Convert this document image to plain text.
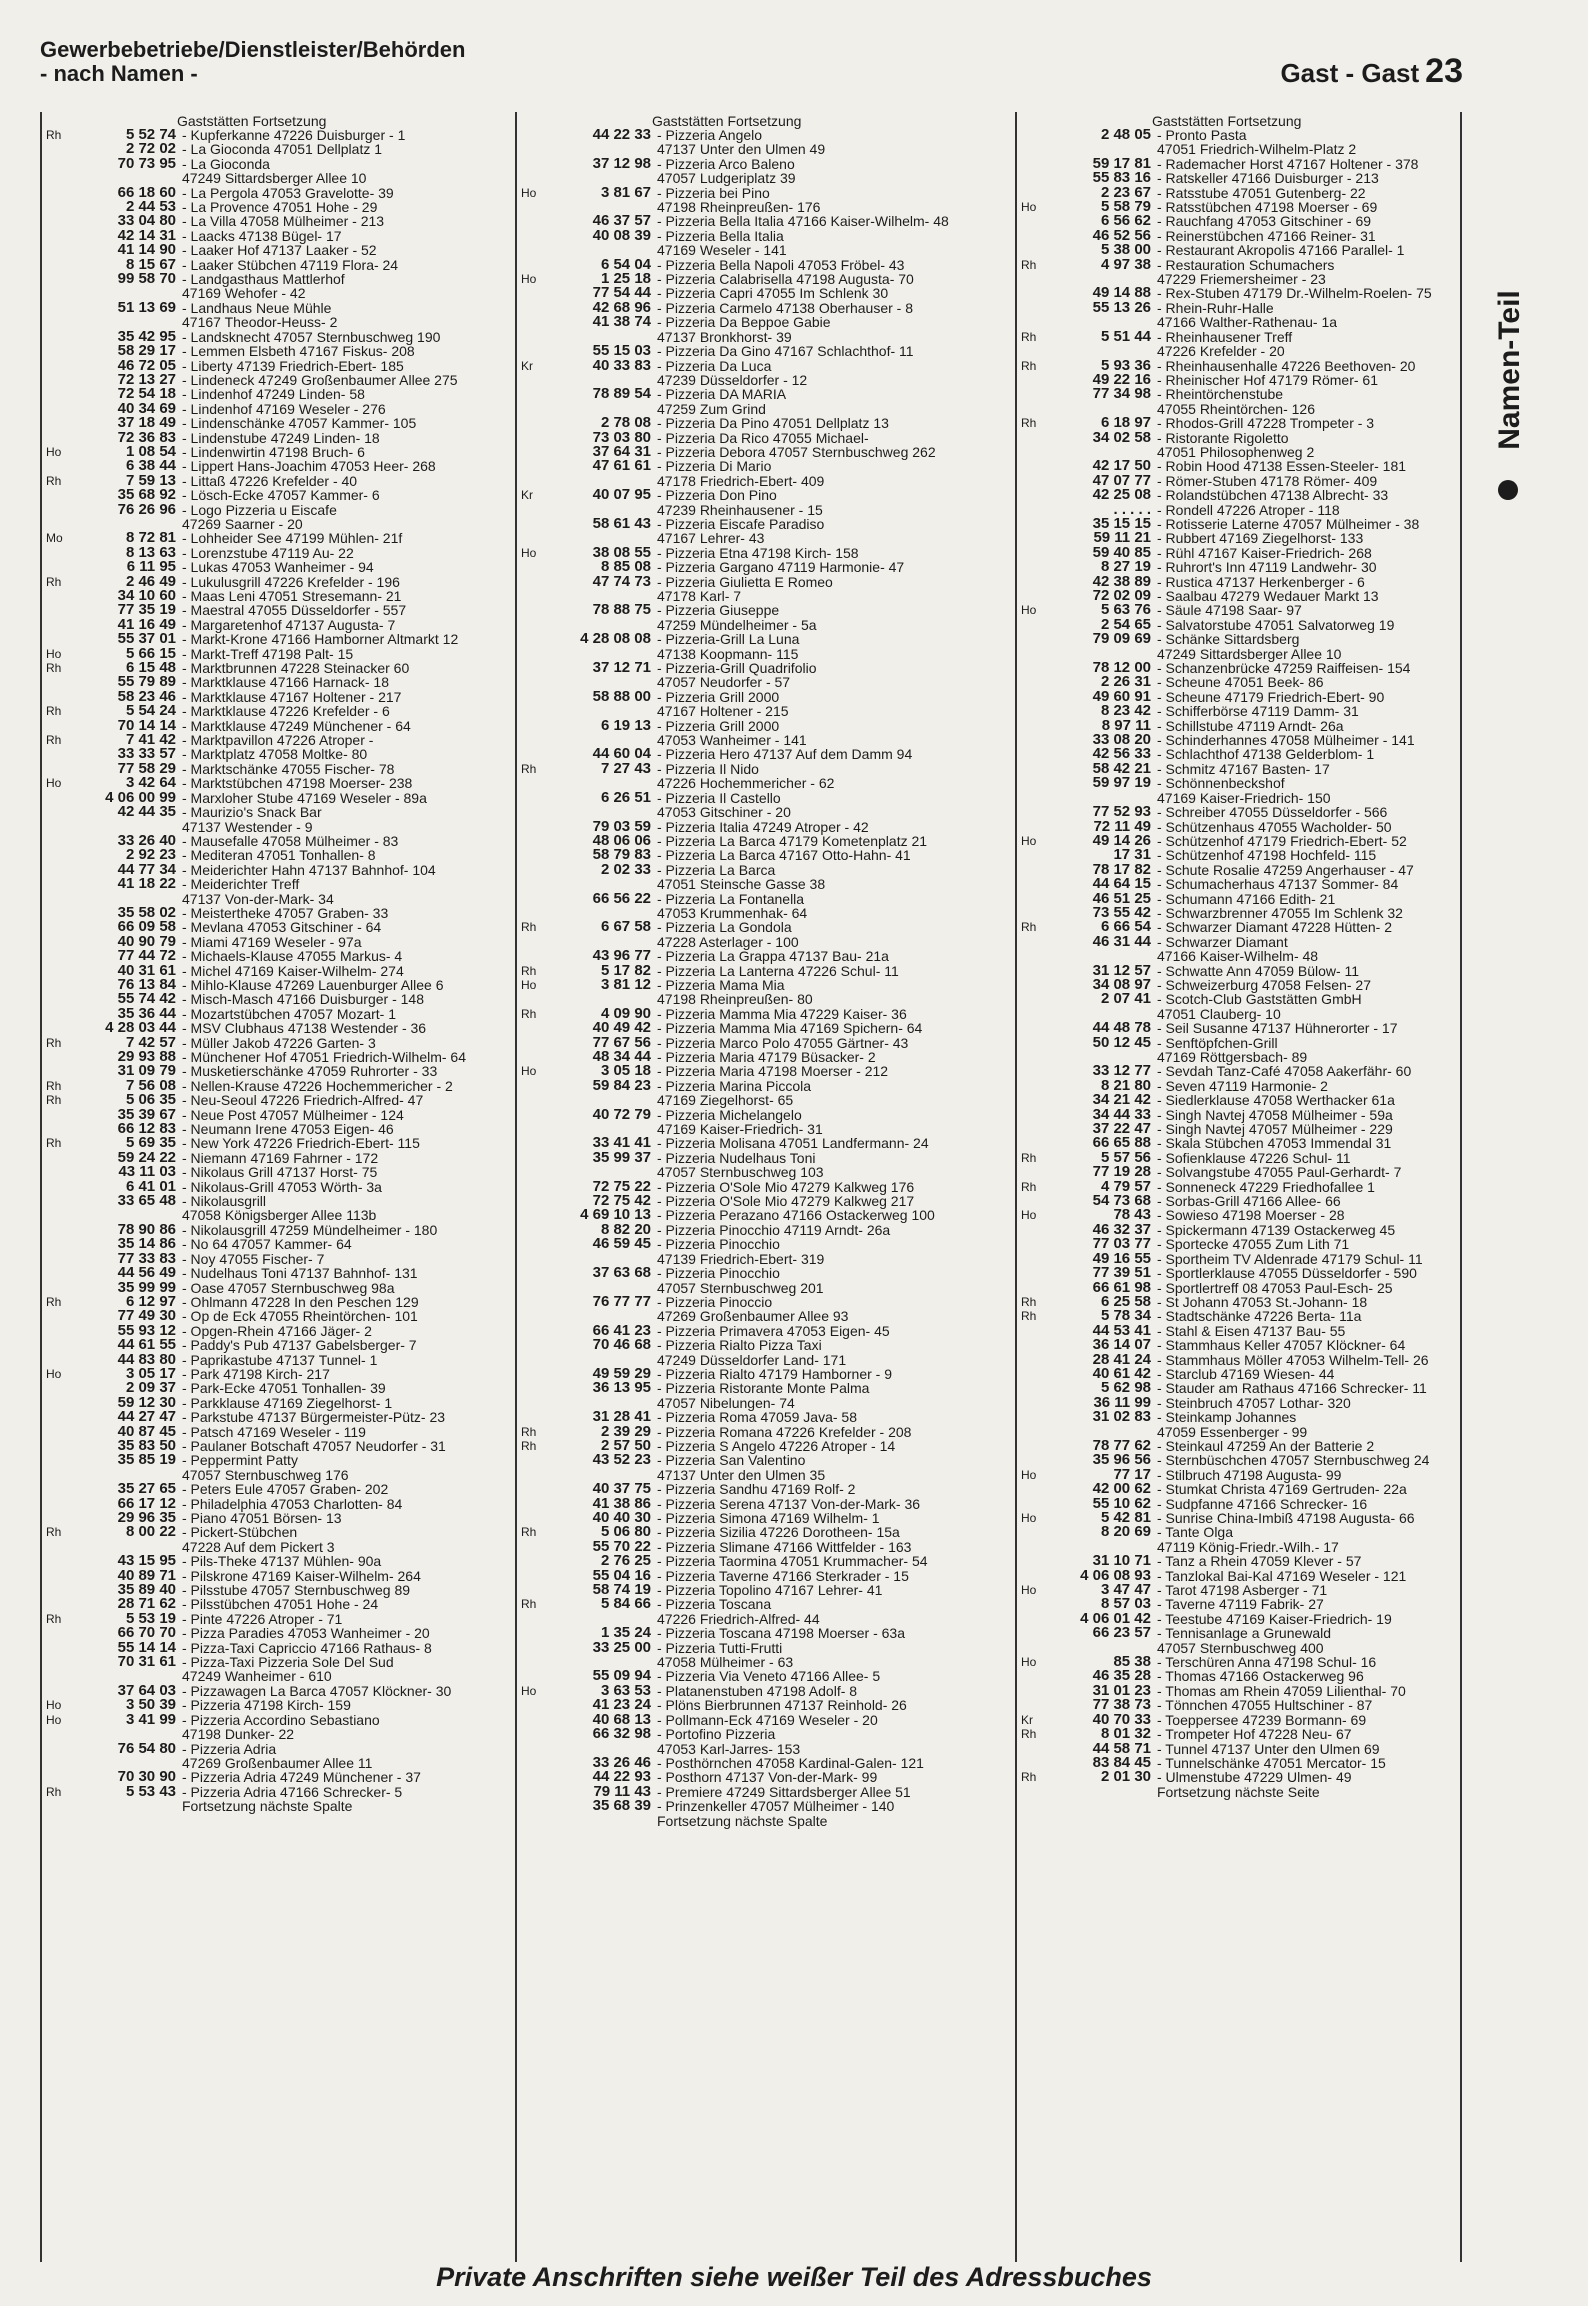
Gewerbebetriebe/Dienstleister/Behörden
- nach Namen -	Gast - Gast 23
Namen-Teil
Gaststätten Fortsetzung
Rh	5 52 74 - Kupferkanne 47226 Duisburger - 1
2 72 02 - La Gioconda 47051 Dellplatz 1
70 73 95 - La Gioconda
47249 Sittardsberger Allee 10
66 18 60 - La Pergola 47053 Gravelotte- 39
2 44 53 - La Provence 47051 Hohe - 29
33 04 80 - La Villa 47058 Mülheimer - 213
42 14 31 - Laacks 47138 Bügel- 17
41 14 90 - Laaker Hof 47137 Laaker - 52
8 15 67 - Laaker Stübchen 47119 Flora- 24
99 58 70 - Landgasthaus Mattlerhof
47169 Wehofer - 42
51 13 69 - Landhaus Neue Mühle
47167 Theodor-Heuss- 2
35 42 95 - Landsknecht 47057 Sternbuschweg 190
58 29 17 - Lemmen Elsbeth 47167 Fiskus- 208
46 72 05 - Liberty 47139 Friedrich-Ebert- 185
72 13 27 - Lindeneck 47249 Großenbaumer Allee 275
72 54 18 - Lindenhof 47249 Linden- 58
40 34 69 - Lindenhof 47169 Weseler - 276
37 18 49 - Lindenschänke 47057 Kammer- 105
72 36 83 - Lindenstube 47249 Linden- 18
Ho	1 08 54 - Lindenwirtin 47198 Bruch- 6
6 38 44 - Lippert Hans-Joachim 47053 Heer- 268
Rh	7 59 13 - Littaß 47226 Krefelder - 40
35 68 92 - Lösch-Ecke 47057 Kammer- 6
76 26 96 - Logo Pizzeria u Eiscafe
47269 Saarner - 20
Mo	8 72 81 - Lohheider See 47199 Mühlen- 21f
8 13 63 - Lorenzstube 47119 Au- 22
6 11 95 - Lukas 47053 Wanheimer - 94
Rh	2 46 49 - Lukulusgrill 47226 Krefelder - 196
34 10 60 - Maas Leni 47051 Stresemann- 21
77 35 19 - Maestral 47055 Düsseldorfer - 557
41 16 49 - Margaretenhof 47137 Augusta- 7
55 37 01 - Markt-Krone 47166 Hamborner Altmarkt 12
Ho	5 66 15 - Markt-Treff 47198 Palt- 15
Rh	6 15 48 - Marktbrunnen 47228 Steinacker 60
55 79 89 - Marktklause 47166 Harnack- 18
58 23 46 - Marktklause 47167 Holtener - 217
Rh	5 54 24 - Marktklause 47226 Krefelder - 6
70 14 14 - Marktklause 47249 Münchener - 64
Rh	7 41 42 - Marktpavillon 47226 Atroper -
33 33 57 - Marktplatz 47058 Moltke- 80
77 58 29 - Marktschänke 47055 Fischer- 78
Ho	3 42 64 - Marktstübchen 47198 Moerser- 238
4 06 00 99 - Marxloher Stube 47169 Weseler - 89a
42 44 35 - Maurizio's Snack Bar
47137 Westender - 9
33 26 40 - Mausefalle 47058 Mülheimer - 83
2 92 23 - Mediteran 47051 Tonhallen- 8
44 77 34 - Meiderichter Hahn 47137 Bahnhof- 104
41 18 22 - Meiderichter Treff
47137 Von-der-Mark- 34
35 58 02 - Meistertheke 47057 Graben- 33
66 09 58 - Mevlana 47053 Gitschiner - 64
40 90 79 - Miami 47169 Weseler - 97a
77 44 72 - Michaels-Klause 47055 Markus- 4
40 31 61 - Michel 47169 Kaiser-Wilhelm- 274
76 13 84 - Mihlo-Klause 47269 Lauenburger Allee 6
55 74 42 - Misch-Masch 47166 Duisburger - 148
35 36 44 - Mozartstübchen 47057 Mozart- 1
4 28 03 44 - MSV Clubhaus 47138 Westender - 36
Rh	7 42 57 - Müller Jakob 47226 Garten- 3
29 93 88 - Münchener Hof 47051 Friedrich-Wilhelm- 64
31 09 79 - Musketierschänke 47059 Ruhrorter - 33
Rh	7 56 08 - Nellen-Krause 47226 Hochemmericher - 2
Rh	5 06 35 - Neu-Seoul 47226 Friedrich-Alfred- 47
35 39 67 - Neue Post 47057 Mülheimer - 124
66 12 83 - Neumann Irene 47053 Eigen- 46
Rh	5 69 35 - New York 47226 Friedrich-Ebert- 115
59 24 22 - Niemann 47169 Fahrner - 172
43 11 03 - Nikolaus Grill 47137 Horst- 75
6 41 01 - Nikolaus-Grill 47053 Wörth- 3a
33 65 48 - Nikolausgrill
47058 Königsberger Allee 113b
78 90 86 - Nikolausgrill 47259 Mündelheimer - 180
35 14 86 - No 64 47057 Kammer- 64
77 33 83 - Noy 47055 Fischer- 7
44 56 49 - Nudelhaus Toni 47137 Bahnhof- 131
35 99 99 - Oase 47057 Sternbuschweg 98a
Rh	6 12 97 - Ohlmann 47228 In den Peschen 129
77 49 30 - Op de Eck 47055 Rheintörchen- 101
55 93 12 - Opgen-Rhein 47166 Jäger- 2
44 61 55 - Paddy's Pub 47137 Gabelsberger- 7
44 83 80 - Paprikastube 47137 Tunnel- 1
Ho	3 05 17 - Park 47198 Kirch- 217
2 09 37 - Park-Ecke 47051 Tonhallen- 39
59 12 30 - Parkklause 47169 Ziegelhorst- 1
44 27 47 - Parkstube 47137 Bürgermeister-Pütz- 23
40 87 45 - Patsch 47169 Weseler - 119
35 83 50 - Paulaner Botschaft 47057 Neudorfer - 31
35 85 19 - Peppermint Patty
47057 Sternbuschweg 176
35 27 65 - Peters Eule 47057 Graben- 202
66 17 12 - Philadelphia 47053 Charlotten- 84
29 96 35 - Piano 47051 Börsen- 13
Rh	8 00 22 - Pickert-Stübchen
47228 Auf dem Pickert 3
43 15 95 - Pils-Theke 47137 Mühlen- 90a
40 89 71 - Pilskrone 47169 Kaiser-Wilhelm- 264
35 89 40 - Pilsstube 47057 Sternbuschweg 89
28 71 62 - Pilsstübchen 47051 Hohe - 24
Rh	5 53 19 - Pinte 47226 Atroper - 71
66 70 70 - Pizza Paradies 47053 Wanheimer - 20
55 14 14 - Pizza-Taxi Capriccio 47166 Rathaus- 8
70 31 61 - Pizza-Taxi Pizzeria Sole Del Sud
47249 Wanheimer - 610
37 64 03 - Pizzawagen La Barca 47057 Klöckner- 30
Ho	3 50 39 - Pizzeria 47198 Kirch- 159
Ho	3 41 99 - Pizzeria Accordino Sebastiano
47198 Dunker- 22
76 54 80 - Pizzeria Adria
47269 Großenbaumer Allee 11
70 30 90 - Pizzeria Adria 47249 Münchener - 37
Rh	5 53 43 - Pizzeria Adria 47166 Schrecker- 5
Fortsetzung nächste Spalte
Gaststätten Fortsetzung
44 22 33 - Pizzeria Angelo
47137 Unter den Ulmen 49
37 12 98 - Pizzeria Arco Baleno
47057 Ludgeriplatz 39
Ho	3 81 67 - Pizzeria bei Pino
47198 Rheinpreußen- 176
46 37 57 - Pizzeria Bella Italia 47166 Kaiser-Wilhelm- 48
40 08 39 - Pizzeria Bella Italia
47169 Weseler - 141
6 54 04 - Pizzeria Bella Napoli 47053 Fröbel- 43
Ho	1 25 18 - Pizzeria Calabrisella 47198 Augusta- 70
77 54 44 - Pizzeria Capri 47055 Im Schlenk 30
42 68 96 - Pizzeria Carmelo 47138 Oberhauser - 8
41 38 74 - Pizzeria Da Beppoe Gabie
47137 Bronkhorst- 39
55 15 03 - Pizzeria Da Gino 47167 Schlachthof- 11
Kr	40 33 83 - Pizzeria Da Luca
47239 Düsseldorfer - 12
78 89 54 - Pizzeria DA MARIA
47259 Zum Grind
2 78 08 - Pizzeria Da Pino 47051 Dellplatz 13
73 03 80 - Pizzeria Da Rico 47055 Michael-
37 64 31 - Pizzeria Debora 47057 Sternbuschweg 262
47 61 61 - Pizzeria Di Mario
47178 Friedrich-Ebert- 409
Kr	40 07 95 - Pizzeria Don Pino
47239 Rheinhausener - 15
58 61 43 - Pizzeria Eiscafe Paradiso
47167 Lehrer- 43
Ho	38 08 55 - Pizzeria Etna 47198 Kirch- 158
8 85 08 - Pizzeria Gargano 47119 Harmonie- 47
47 74 73 - Pizzeria Giulietta E Romeo
47178 Karl- 7
78 88 75 - Pizzeria Giuseppe
47259 Mündelheimer - 5a
4 28 08 08 - Pizzeria-Grill La Luna
47138 Koopmann- 115
37 12 71 - Pizzeria-Grill Quadrifolio
47057 Neudorfer - 57
58 88 00 - Pizzeria Grill 2000
47167 Holtener - 215
6 19 13 - Pizzeria Grill 2000
47053 Wanheimer - 141
44 60 04 - Pizzeria Hero 47137 Auf dem Damm 94
Rh	7 27 43 - Pizzeria Il Nido
47226 Hochemmericher - 62
6 26 51 - Pizzeria Il Castello
47053 Gitschiner - 20
79 03 59 - Pizzeria Italia 47249 Atroper - 42
48 06 06 - Pizzeria La Barca 47179 Kometenplatz 21
58 79 83 - Pizzeria La Barca 47167 Otto-Hahn- 41
2 02 33 - Pizzeria La Barca
47051 Steinsche Gasse 38
66 56 22 - Pizzeria La Fontanella
47053 Krummenhak- 64
Rh	6 67 58 - Pizzeria La Gondola
47228 Asterlager - 100
43 96 77 - Pizzeria La Grappa 47137 Bau- 21a
Rh	5 17 82 - Pizzeria La Lanterna 47226 Schul- 11
Ho	3 81 12 - Pizzeria Mama Mia
47198 Rheinpreußen- 80
Rh	4 09 90 - Pizzeria Mamma Mia 47229 Kaiser- 36
40 49 42 - Pizzeria Mamma Mia 47169 Spichern- 64
77 67 56 - Pizzeria Marco Polo 47055 Gärtner- 43
48 34 44 - Pizzeria Maria 47179 Büsacker- 2
Ho	3 05 18 - Pizzeria Maria 47198 Moerser - 212
59 84 23 - Pizzeria Marina Piccola
47169 Ziegelhorst- 65
40 72 79 - Pizzeria Michelangelo
47169 Kaiser-Friedrich- 31
33 41 41 - Pizzeria Molisana 47051 Landfermann- 24
35 99 37 - Pizzeria Nudelhaus Toni
47057 Sternbuschweg 103
72 75 22 - Pizzeria O'Sole Mio 47279 Kalkweg 176
72 75 42 - Pizzeria O'Sole Mio 47279 Kalkweg 217
4 69 10 13 - Pizzeria Perazano 47166 Ostackerweg 100
8 82 20 - Pizzeria Pinocchio 47119 Arndt- 26a
46 59 45 - Pizzeria Pinocchio
47139 Friedrich-Ebert- 319
37 63 68 - Pizzeria Pinocchio
47057 Sternbuschweg 201
76 77 77 - Pizzeria Pinoccio
47269 Großenbaumer Allee 93
66 41 23 - Pizzeria Primavera 47053 Eigen- 45
70 46 68 - Pizzeria Rialto Pizza Taxi
47249 Düsseldorfer Land- 171
49 59 29 - Pizzeria Rialto 47179 Hamborner - 9
36 13 95 - Pizzeria Ristorante Monte Palma
47057 Nibelungen- 74
31 28 41 - Pizzeria Roma 47059 Java- 58
Rh	2 39 29 - Pizzeria Romana 47226 Krefelder - 208
Rh	2 57 50 - Pizzeria S Angelo 47226 Atroper - 14
43 52 23 - Pizzeria San Valentino
47137 Unter den Ulmen 35
40 37 75 - Pizzeria Sandhu 47169 Rolf- 2
41 38 86 - Pizzeria Serena 47137 Von-der-Mark- 36
40 40 30 - Pizzeria Simona 47169 Wilhelm- 1
Rh	5 06 80 - Pizzeria Sizilia 47226 Dorotheen- 15a
55 70 22 - Pizzeria Slimane 47166 Wittfelder - 163
2 76 25 - Pizzeria Taormina 47051 Krummacher- 54
55 04 16 - Pizzeria Taverne 47166 Sterkrader - 15
58 74 19 - Pizzeria Topolino 47167 Lehrer- 41
Rh	5 84 66 - Pizzeria Toscana
47226 Friedrich-Alfred- 44
1 35 24 - Pizzeria Toscana 47198 Moerser - 63a
33 25 00 - Pizzeria Tutti-Frutti
47058 Mülheimer - 63
55 09 94 - Pizzeria Via Veneto 47166 Allee- 5
Ho	3 63 53 - Platanenstuben 47198 Adolf- 8
41 23 24 - Plöns Bierbrunnen 47137 Reinhold- 26
40 68 13 - Pollmann-Eck 47169 Weseler - 20
66 32 98 - Portofino Pizzeria
47053 Karl-Jarres- 153
33 26 46 - Posthörnchen 47058 Kardinal-Galen- 121
44 22 93 - Posthorn 47137 Von-der-Mark- 99
79 11 43 - Premiere 47249 Sittardsberger Allee 51
35 68 39 - Prinzenkeller 47057 Mülheimer - 140
Fortsetzung nächste Spalte
Gaststätten Fortsetzung
2 48 05 - Pronto Pasta
47051 Friedrich-Wilhelm-Platz 2
59 17 81 - Rademacher Horst 47167 Holtener - 378
55 83 16 - Ratskeller 47166 Duisburger - 213
2 23 67 - Ratsstube 47051 Gutenberg- 22
Ho	5 58 79 - Ratsstübchen 47198 Moerser - 69
6 56 62 - Rauchfang 47053 Gitschiner - 69
46 52 56 - Reinerstübchen 47166 Reiner- 31
5 38 00 - Restaurant Akropolis 47166 Parallel- 1
Rh	4 97 38 - Restauration Schumachers
47229 Friemersheimer - 23
49 14 88 - Rex-Stuben 47179 Dr.-Wilhelm-Roelen- 75
55 13 26 - Rhein-Ruhr-Halle
47166 Walther-Rathenau- 1a
Rh	5 51 44 - Rheinhausener Treff
47226 Krefelder - 20
Rh	5 93 36 - Rheinhausenhalle 47226 Beethoven- 20
49 22 16 - Rheinischer Hof 47179 Römer- 61
77 34 98 - Rheintörchenstube
47055 Rheintörchen- 126
Rh	6 18 97 - Rhodos-Grill 47228 Trompeter - 3
34 02 58 - Ristorante Rigoletto
47051 Philosophenweg 2
42 17 50 - Robin Hood 47138 Essen-Steeler- 181
47 07 77 - Römer-Stuben 47178 Römer- 409
42 25 08 - Rolandstübchen 47138 Albrecht- 33
. . . . . - Rondell 47226 Atroper - 118
35 15 15 - Rotisserie Laterne 47057 Mülheimer - 38
59 11 21 - Rubbert 47169 Ziegelhorst- 133
59 40 85 - Rühl 47167 Kaiser-Friedrich- 268
8 27 19 - Ruhrort's Inn 47119 Landwehr- 30
42 38 89 - Rustica 47137 Herkenberger - 6
72 02 09 - Saalbau 47279 Wedauer Markt 13
Ho	5 63 76 - Säule 47198 Saar- 97
2 54 65 - Salvatorstube 47051 Salvatorweg 19
79 09 69 - Schänke Sittardsberg
47249 Sittardsberger Allee 10
78 12 00 - Schanzenbrücke 47259 Raiffeisen- 154
2 26 31 - Scheune 47051 Beek- 86
49 60 91 - Scheune 47179 Friedrich-Ebert- 90
8 23 42 - Schifferbörse 47119 Damm- 31
8 97 11 - Schillstube 47119 Arndt- 26a
33 08 20 - Schinderhannes 47058 Mülheimer - 141
42 56 33 - Schlachthof 47138 Gelderblom- 1
58 42 21 - Schmitz 47167 Basten- 17
59 97 19 - Schönnenbeckshof
47169 Kaiser-Friedrich- 150
77 52 93 - Schreiber 47055 Düsseldorfer - 566
72 11 49 - Schützenhaus 47055 Wacholder- 50
Ho	49 14 26 - Schützenhof 47179 Friedrich-Ebert- 52
17 31 - Schützenhof 47198 Hochfeld- 115
78 17 82 - Schute Rosalie 47259 Angerhauser - 47
44 64 15 - Schumacherhaus 47137 Sommer- 84
46 51 25 - Schumann 47166 Edith- 21
73 55 42 - Schwarzbrenner 47055 Im Schlenk 32
Rh	6 66 54 - Schwarzer Diamant 47228 Hütten- 2
46 31 44 - Schwarzer Diamant
47166 Kaiser-Wilhelm- 48
31 12 57 - Schwatte Ann 47059 Bülow- 11
34 08 97 - Schweizerburg 47058 Felsen- 27
2 07 41 - Scotch-Club Gaststätten GmbH
47051 Clauberg- 10
44 48 78 - Seil Susanne 47137 Hühnerorter - 17
50 12 45 - Senftöpfchen-Grill
47169 Röttgersbach- 89
33 12 77 - Sevdah Tanz-Café 47058 Aakerfähr- 60
8 21 80 - Seven 47119 Harmonie- 2
34 21 42 - Siedlerklause 47058 Werthacker 61a
34 44 33 - Singh Navtej 47058 Mülheimer - 59a
37 22 47 - Singh Navtej 47057 Mülheimer - 229
66 65 88 - Skala Stübchen 47053 Immendal 31
Rh	5 57 56 - Sofienklause 47226 Schul- 11
77 19 28 - Solvangstube 47055 Paul-Gerhardt- 7
Rh	4 79 57 - Sonneneck 47229 Friedhofallee 1
54 73 68 - Sorbas-Grill 47166 Allee- 66
Ho	78 43 - Sowieso 47198 Moerser - 28
46 32 37 - Spickermann 47139 Ostackerweg 45
77 03 77 - Sportecke 47055 Zum Lith 71
49 16 55 - Sportheim TV Aldenrade 47179 Schul- 11
77 39 51 - Sportlerklause 47055 Düsseldorfer - 590
66 61 98 - Sportlertreff 08 47053 Paul-Esch- 25
Rh	6 25 58 - St Johann 47053 St.-Johann- 18
Rh	5 78 34 - Stadtschänke 47226 Berta- 11a
44 53 41 - Stahl & Eisen 47137 Bau- 55
36 14 07 - Stammhaus Keller 47057 Klöckner- 64
28 41 24 - Stammhaus Möller 47053 Wilhelm-Tell- 26
40 61 42 - Starclub 47169 Wiesen- 44
5 62 98 - Stauder am Rathaus 47166 Schrecker- 11
36 11 99 - Steinbruch 47057 Lothar- 320
31 02 83 - Steinkamp Johannes
47059 Essenberger - 99
78 77 62 - Steinkaul 47259 An der Batterie 2
35 96 56 - Sternbüschchen 47057 Sternbuschweg 24
Ho	77 17 - Stilbruch 47198 Augusta- 99
42 00 62 - Stumkat Christa 47169 Gertruden- 22a
55 10 62 - Sudpfanne 47166 Schrecker- 16
Ho	5 42 81 - Sunrise China-Imbiß 47198 Augusta- 66
8 20 69 - Tante Olga
47119 König-Friedr.-Wilh.- 17
31 10 71 - Tanz a Rhein 47059 Klever - 57
4 06 08 93 - Tanzlokal Bai-Kal 47169 Weseler - 121
Ho	3 47 47 - Tarot 47198 Asberger - 71
8 57 03 - Taverne 47119 Fabrik- 27
4 06 01 42 - Teestube 47169 Kaiser-Friedrich- 19
66 23 57 - Tennisanlage a Grunewald
47057 Sternbuschweg 400
Ho	85 38 - Terschüren Anna 47198 Schul- 16
46 35 28 - Thomas 47166 Ostackerweg 96
31 01 23 - Thomas am Rhein 47059 Lilienthal- 70
77 38 73 - Tönnchen 47055 Hultschiner - 87
Kr	40 70 33 - Toeppersee 47239 Bormann- 69
Rh	8 01 32 - Trompeter Hof 47228 Neu- 67
44 58 71 - Tunnel 47137 Unter den Ulmen 69
83 84 45 - Tunnelschänke 47051 Mercator- 15
Rh	2 01 30 - Ulmenstube 47229 Ulmen- 49
Fortsetzung nächste Seite
Private Anschriften siehe weißer Teil des Adressbuches
